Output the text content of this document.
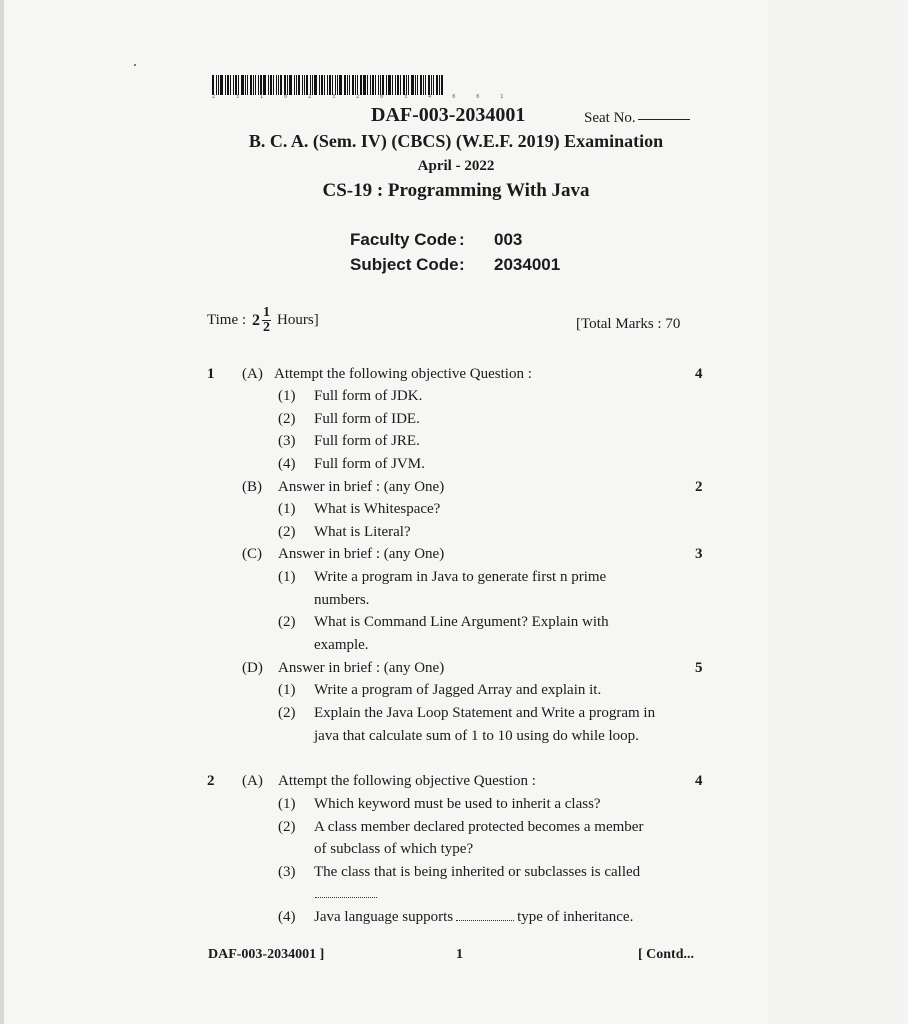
2 3 1 0 2 3 2 0 3 4 0 0 1
DAF-003-2034001	Seat No.
B. C. A. (Sem. IV) (CBCS) (W.E.F. 2019) Examination
April - 2022
CS-19 : Programming With Java
Faculty Code : 003
Subject Code : 2034001
Time : $2 \frac{1}{2}$ Hours]	[Total Marks : 70
1 (A) Attempt the following objective Question :	4
(1) Full form of JDK.
(2) Full form of IDE.
(3) Full form of JRE.
(4) Full form of JVM.
(B) Answer in brief : (any One)	2
(1) What is Whitespace?
(2) What is Literal?
(C) Answer in brief : (any One)	3
(1) Write a program in Java to generate first n prime
numbers.
(2) What is Command Line Argument? Explain with
example.
(D) Answer in brief : (any One)	5
(1) Write a program of Jagged Array and explain it.
(2) Explain the Java Loop Statement and Write a program in
java that calculate sum of 1 to 10 using do while loop.
2 (A) Attempt the following objective Question :	4
(1) Which keyword must be used to inherit a class?
(2) A class member declared protected becomes a member
of subclass of which type?
(3) The class that is being inherited or subclasses is called
(4) Java language supports	type of inheritance.
DAF-003-2034001 ]	1	[ Contd...
